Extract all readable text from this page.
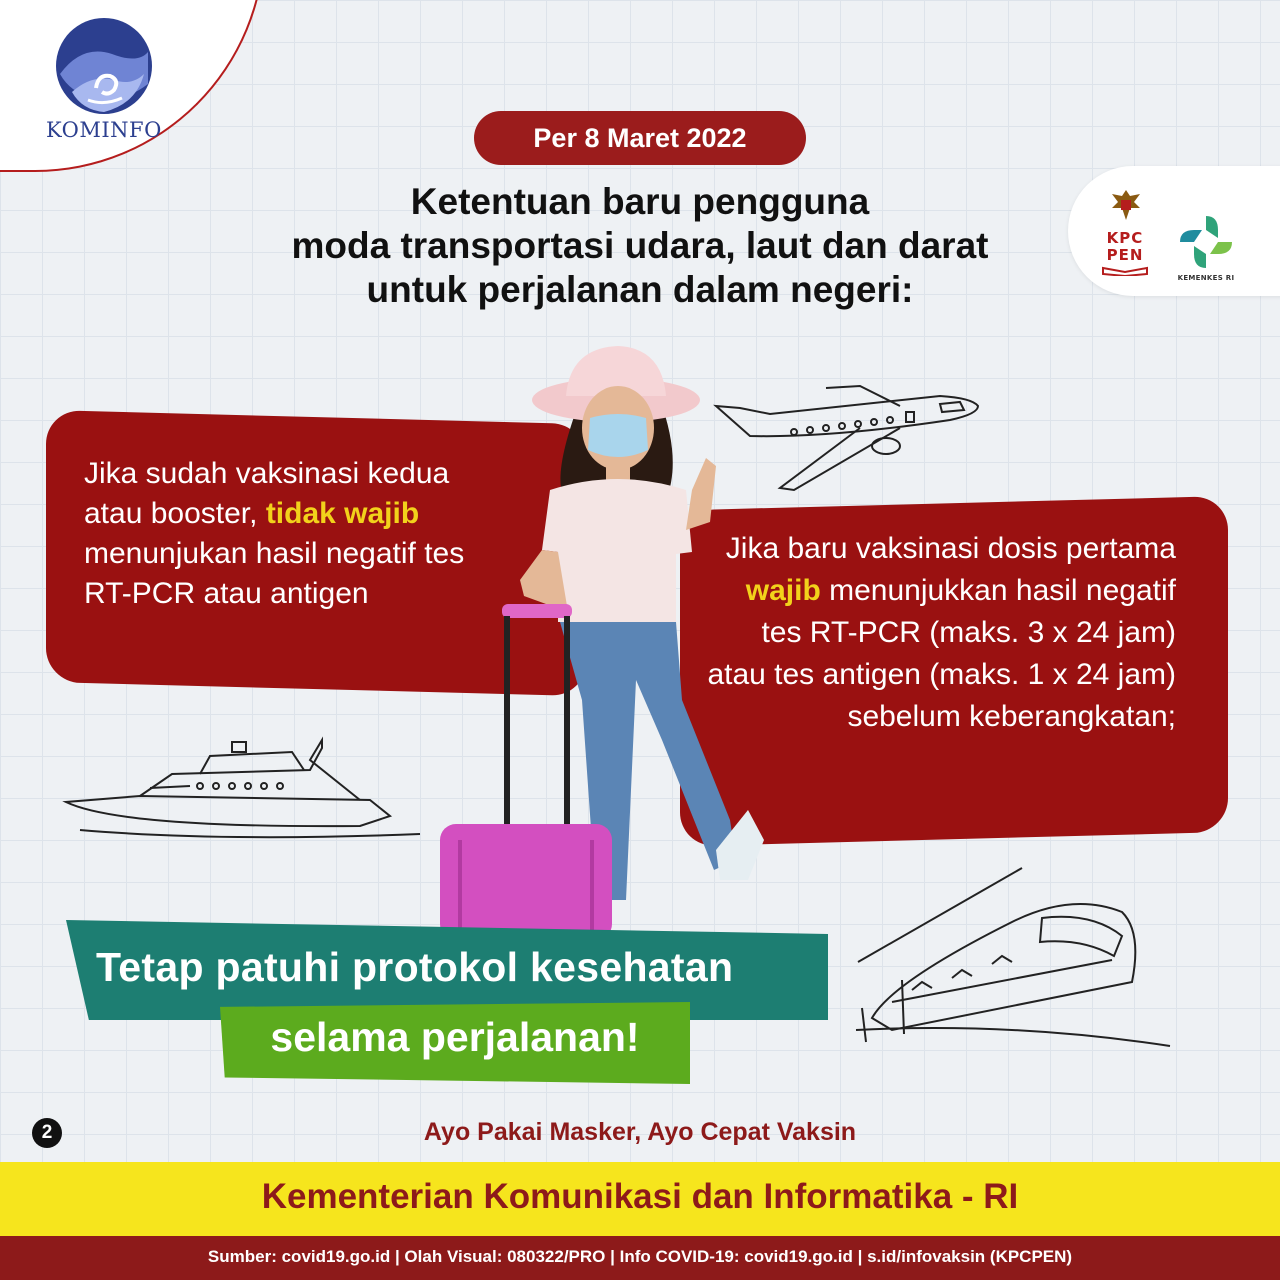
KOMINFO
KPC PEN
KEMENKES RI
Per 8 Maret 2022
Ketentuan baru pengguna
moda transportasi udara, laut dan darat
untuk perjalanan dalam negeri:
Jika sudah vaksinasi kedua atau booster, tidak wajib menunjukan hasil negatif tes RT-PCR atau antigen
Jika baru vaksinasi dosis pertama wajib menunjukkan hasil negatif tes RT-PCR (maks. 3 x 24 jam) atau tes antigen (maks. 1 x 24 jam) sebelum keberangkatan;
Tetap patuhi protokol kesehatan
selama perjalanan!
2	Ayo Pakai Masker, Ayo Cepat Vaksin
Kementerian Komunikasi dan Informatika - RI
Sumber: covid19.go.id | Olah Visual: 080322/PRO | Info COVID-19: covid19.go.id | s.id/infovaksin (KPCPEN)
